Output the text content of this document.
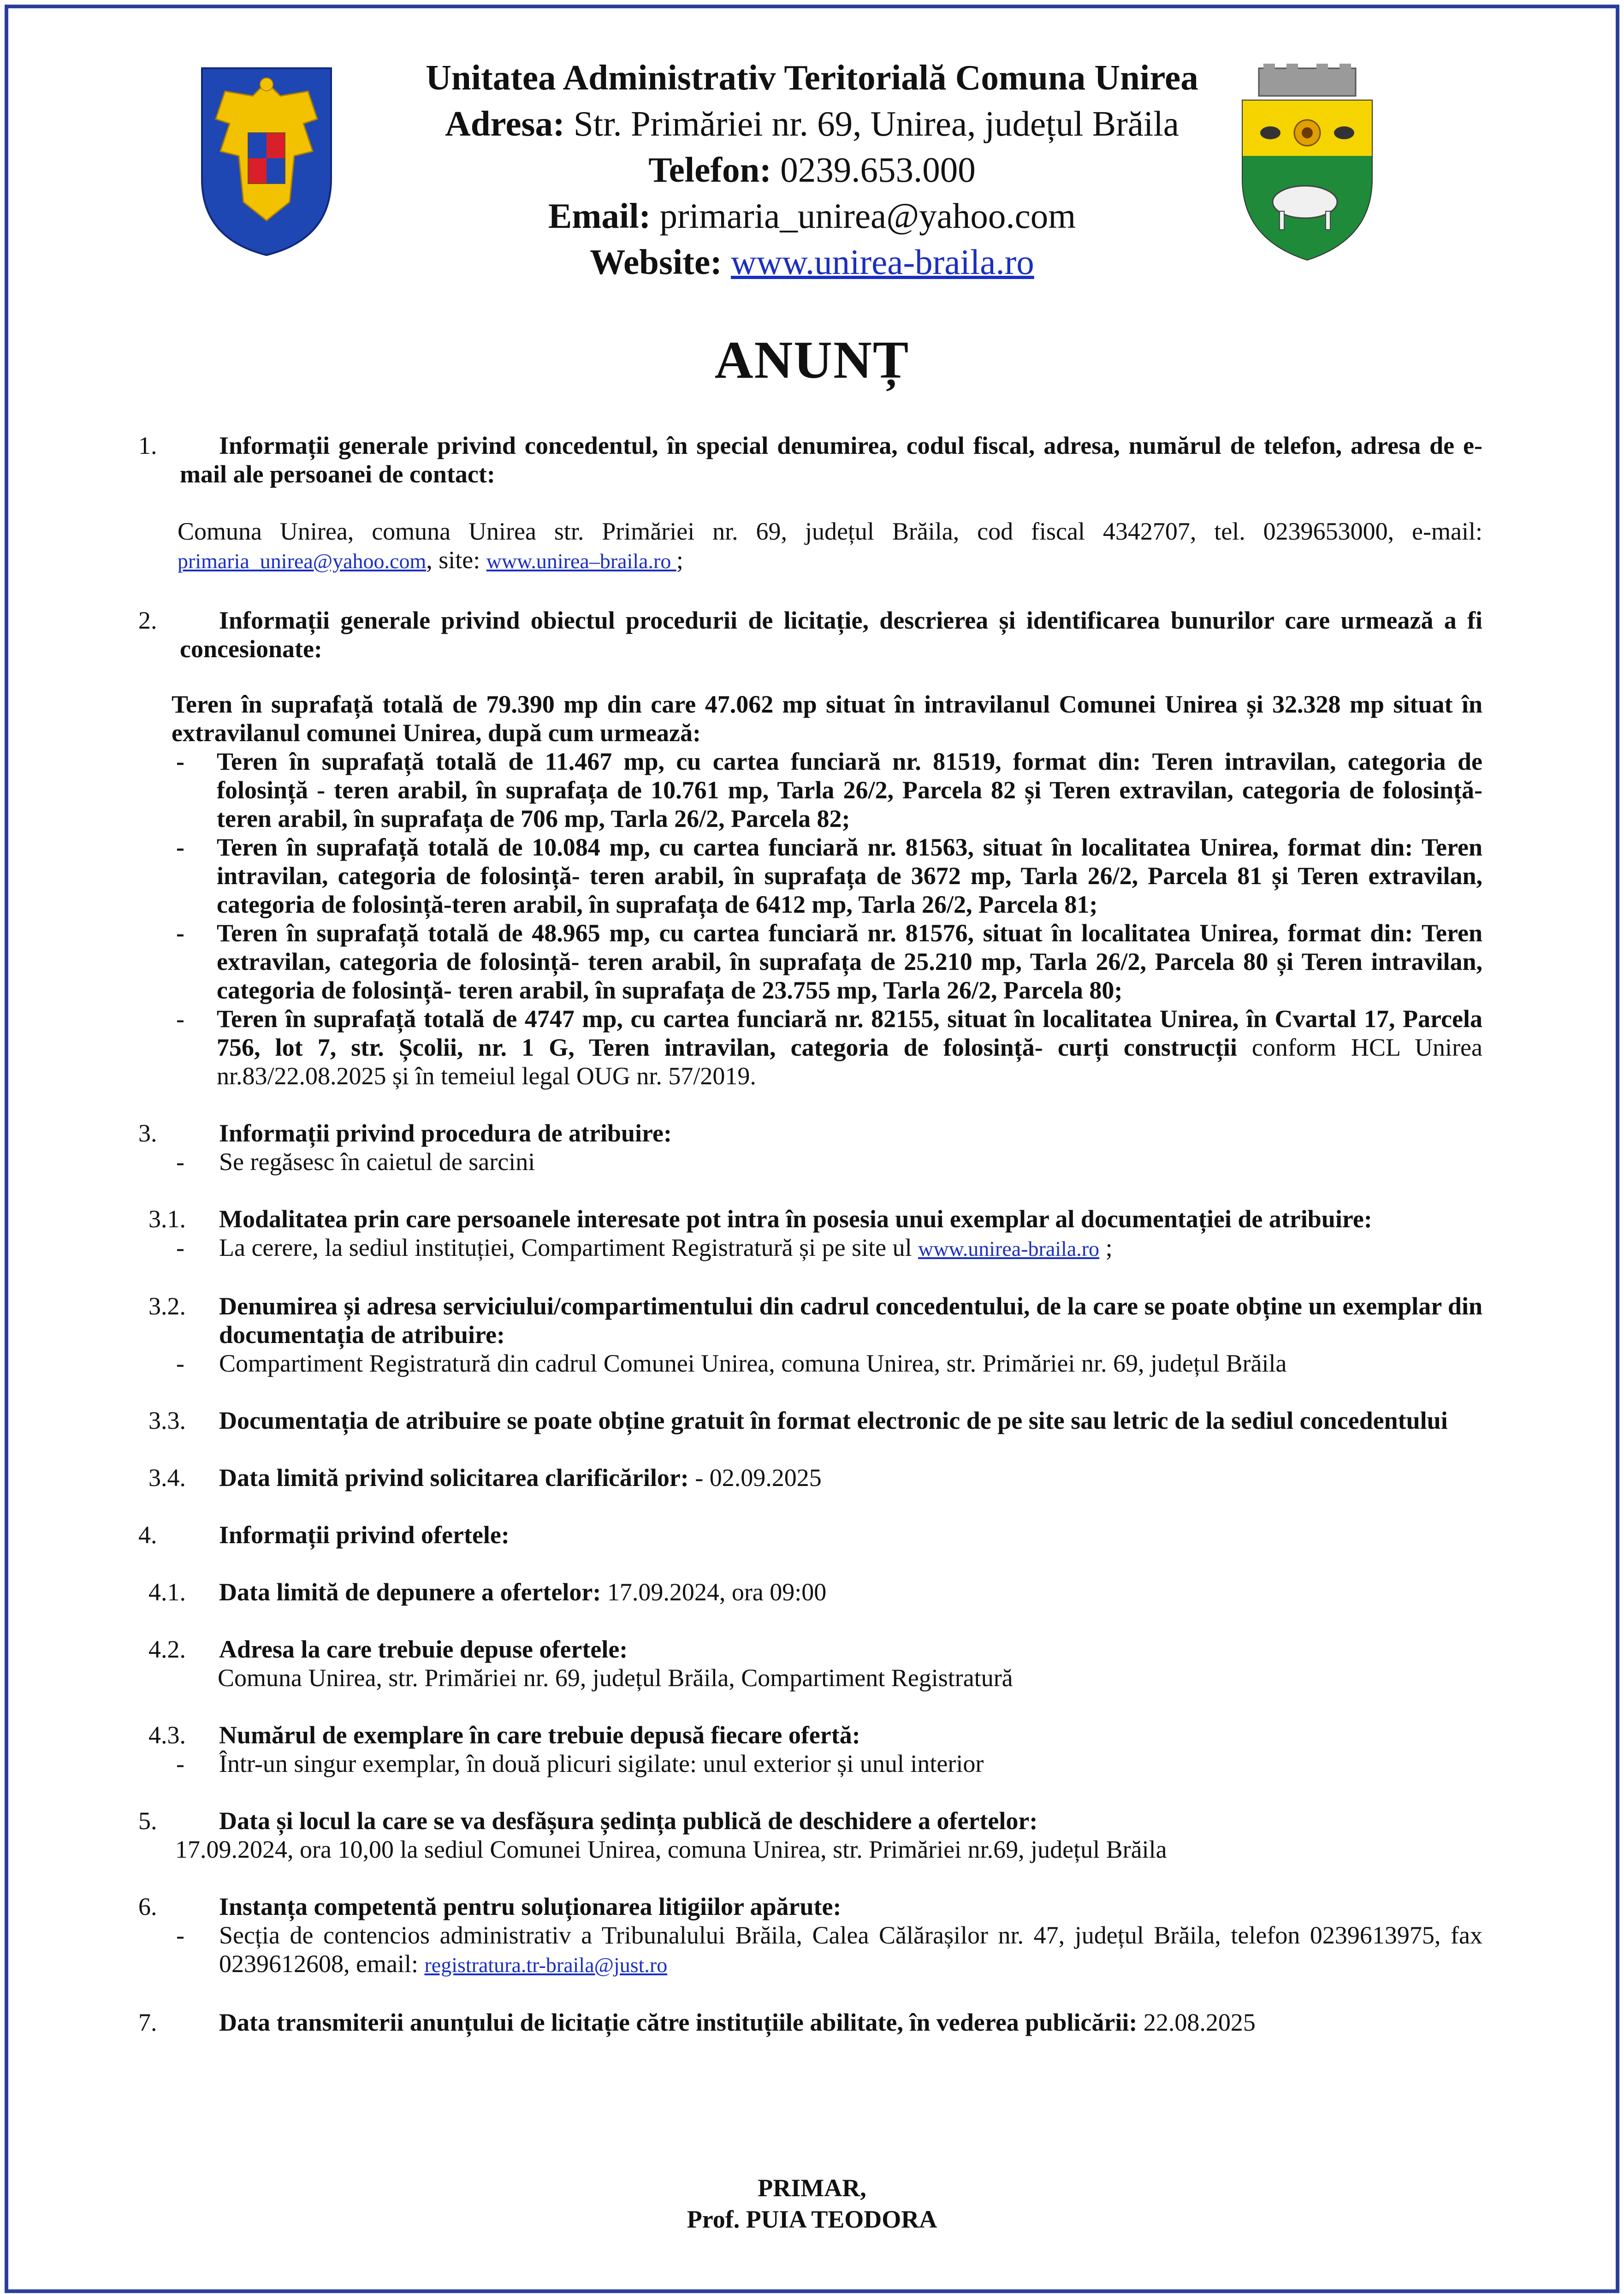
Unitatea Administrativ Teritorială Comuna Unirea
Adresa: Str. Primăriei nr. 69, Unirea, județul Brăila
Telefon: 0239.653.000
Email: primaria_unirea@yahoo.com
Website: www.unirea-braila.ro
ANUNȚ
1.	Informații generale privind concedentul, în special denumirea, codul fiscal, adresa, numărul de telefon, adresa de e-mail ale persoanei de contact:
Comuna Unirea, comuna Unirea str. Primăriei nr. 69, județul Brăila, cod fiscal 4342707, tel. 0239653000, e-mail: primaria_unirea@yahoo.com, site: www.unirea–braila.ro ;
2.	Informații generale privind obiectul procedurii de licitație, descrierea și identificarea bunurilor care urmează a fi concesionate:
Teren în suprafață totală de 79.390 mp din care 47.062 mp situat în intravilanul Comunei Unirea și 32.328 mp situat în extravilanul comunei Unirea, după cum urmează:
- Teren în suprafață totală de 11.467 mp, cu cartea funciară nr. 81519, format din: Teren intravilan, categoria de folosință - teren arabil, în suprafața de 10.761 mp, Tarla 26/2, Parcela 82 și Teren extravilan, categoria de folosință- teren arabil, în suprafața de 706 mp, Tarla 26/2, Parcela 82;
- Teren în suprafață totală de 10.084 mp, cu cartea funciară nr. 81563, situat în localitatea Unirea, format din: Teren intravilan, categoria de folosință- teren arabil, în suprafața de 3672 mp, Tarla 26/2, Parcela 81 și Teren extravilan, categoria de folosință-teren arabil, în suprafața de 6412 mp, Tarla 26/2, Parcela 81;
- Teren în suprafață totală de 48.965 mp, cu cartea funciară nr. 81576, situat în localitatea Unirea, format din: Teren extravilan, categoria de folosință- teren arabil, în suprafața de 25.210 mp, Tarla 26/2, Parcela 80 și Teren intravilan, categoria de folosință- teren arabil, în suprafața de 23.755 mp, Tarla 26/2, Parcela 80;
- Teren în suprafață totală de 4747 mp, cu cartea funciară nr. 82155, situat în localitatea Unirea, în Cvartal 17, Parcela 756, lot 7, str. Școlii, nr. 1 G, Teren intravilan, categoria de folosință- curți construcții conform HCL Unirea nr.83/22.08.2025 și în temeiul legal OUG nr. 57/2019.
3.	Informații privind procedura de atribuire:
- Se regăsesc în caietul de sarcini
3.1.	Modalitatea prin care persoanele interesate pot intra în posesia unui exemplar al documentației de atribuire:
- La cerere, la sediul instituției, Compartiment Registratură și pe site ul www.unirea-braila.ro ;
3.2.	Denumirea și adresa serviciului/compartimentului din cadrul concedentului, de la care se poate obține un exemplar din documentația de atribuire:
- Compartiment Registratură din cadrul Comunei Unirea, comuna Unirea, str. Primăriei nr. 69, județul Brăila
3.3.	Documentația de atribuire se poate obține gratuit în format electronic de pe site sau letric de la sediul concedentului
3.4.	Data limită privind solicitarea clarificărilor: - 02.09.2025
4.	Informații privind ofertele:
4.1.	Data limită de depunere a ofertelor: 17.09.2024, ora 09:00
4.2.	Adresa la care trebuie depuse ofertele:
Comuna Unirea, str. Primăriei nr. 69, județul Brăila, Compartiment Registratură
4.3.	Numărul de exemplare în care trebuie depusă fiecare ofertă:
- Într-un singur exemplar, în două plicuri sigilate: unul exterior și unul interior
5.	Data și locul la care se va desfășura ședința publică de deschidere a ofertelor:
17.09.2024, ora 10,00 la sediul Comunei Unirea, comuna Unirea, str. Primăriei nr.69, județul Brăila
6.	Instanța competentă pentru soluționarea litigiilor apărute:
- Secția de contencios administrativ a Tribunalului Brăila, Calea Călărașilor nr. 47, județul Brăila, telefon 0239613975, fax 0239612608, email: registratura.tr-braila@just.ro
7.	Data transmiterii anunțului de licitație către instituțiile abilitate, în vederea publicării: 22.08.2025
PRIMAR,
Prof. PUIA TEODORA
